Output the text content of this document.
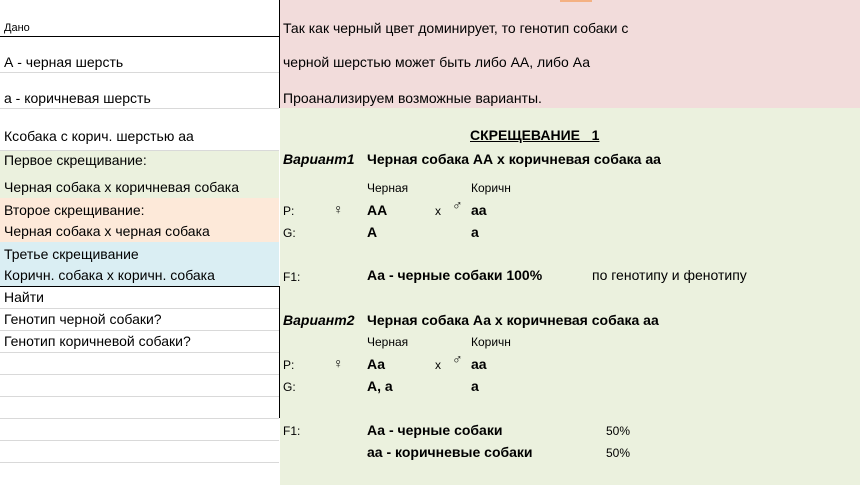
Дано
А - черная шерсть
а - коричневая шерсть
Ксобака с корич. шерстью аа
Первое скрещивание:
Черная собака х коричневая собака
Второе скрещивание:
Черная собака х черная собака
Третье скрещивание
Коричн. собака х коричн. собака
Найти
Генотип черной собаки?
Генотип коричневой собаки?
Так как черный цвет доминирует, то генотип собаки с
черной шерстью может быть либо АА, либо Аа
Проанализируем возможные варианты.
СКРЕЩЕВАНИЕ   1
Вариант1 Черная собака АА х коричневая собака аа
Черная	Коричн
P:	♀ АА	х ♂ аа
G:	А	а
F1:	Аа - черные собаки 100%	по генотипу и фенотипу
Вариант2 Черная собака Аа х коричневая собака аа
Черная	Коричн
P:	♀ Аа	х ♂ аа
G:	А, а	а
F1:	Аа - черные собаки	50%
аа - коричневые собаки	50%
